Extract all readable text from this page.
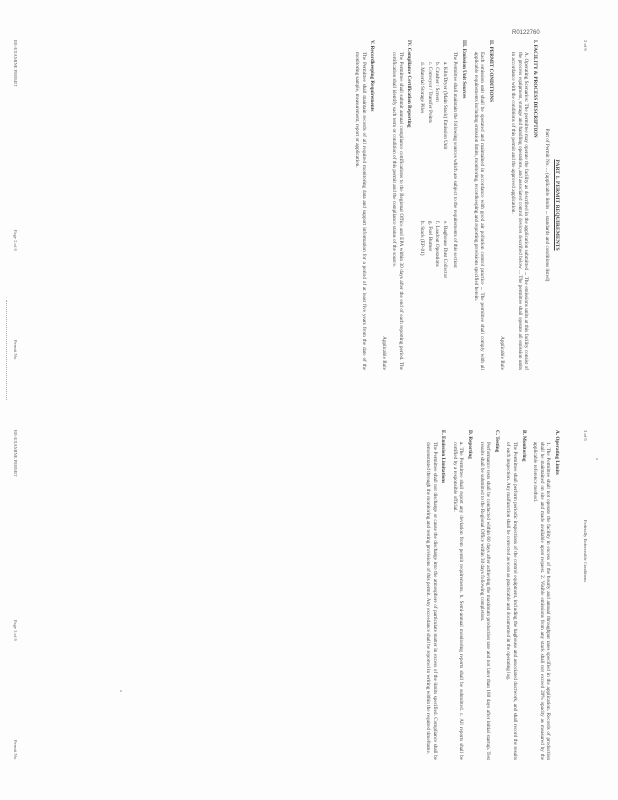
R0122760
2 of 6
3 of 6
Federally Enforceable Conditions
PART 1. PERMIT REQUIREMENTS
Part of Permit No. ... (applicable limits ... standards and conditions listed)
I. FACILITY & PROCESS DESCRIPTION
A. Operating Scenarios: The permittee may operate the facility as described in the application submitted ... The emissions units at this facility consist of the process equipment, storage and handling operations, and associated control devices described below ... The permittee shall operate all emission units in accordance with the conditions of this permit and the approved application.
Applicable Rule
II. PERMIT CONDITIONS
Each emission unit shall be operated and maintained in accordance with good air pollution control practice ... The permittee shall comply with all applicable requirements including emission limits, monitoring, recordkeeping and reporting provisions specified herein.
III. Emission Unit Sources
The Permittee shall maintain the following sources which are subject to the requirements of this section:
a. Kiln/Dryer (Main Stack) Emission Unit
e. Baghouse Dust Collector
b. Crusher / Screen
f. Loadout Operations
c. Conveyor / Transfer Points
g. Fuel Burner
d. Material Storage Piles
h. Stack (EP-01)
IV. Compliance Certification Reporting
The Permittee shall submit annual compliance certifications to the Regional Office and EPA within 30 days after the end of each reporting period. The certification shall identify each term or condition of this permit and the compliance status of the source.
Applicable Rule
V. Recordkeeping Requirements
The Permittee shall maintain records of all required monitoring data and support information for a period of at least five years from the date of the monitoring sample, measurement, report or application.
A. Operating Limits
1. The Permittee shall not operate the facility in excess of the hourly and annual throughput rates specified in the application. Records of production shall be maintained on site and made available upon request. 2. Visible emissions from any stack shall not exceed 20% opacity as measured by the applicable reference method.
B. Monitoring
The Permittee shall perform periodic inspections of the control equipment, including the baghouse and associated ductwork, and shall record the results of each inspection. Any malfunction shall be corrected as soon as practicable and documented in the operating log.
C. Testing
Performance tests shall be conducted within 60 days after achieving the maximum production rate and not later than 180 days after initial startup. Test results shall be submitted to the Regional Office within 30 days following completion.
D. Reporting
a. The Permittee shall report any deviation from permit requirements. b. Semi-annual monitoring reports shall be submitted. c. All reports shall be certified by a responsible official.
E. Emission Limitations
The Permittee shall not discharge or cause the discharge into the atmosphere of particulate matter in excess of the limits specified. Compliance shall be demonstrated through the monitoring and testing provisions of this permit. Any exceedance shall be reported in writing within the required timeframe.
RE-EXAMINE PERMIT
Page 2 of 6
Permit No.
RE-EXAMINE PERMIT
Page 3 of 6
Permit No.
